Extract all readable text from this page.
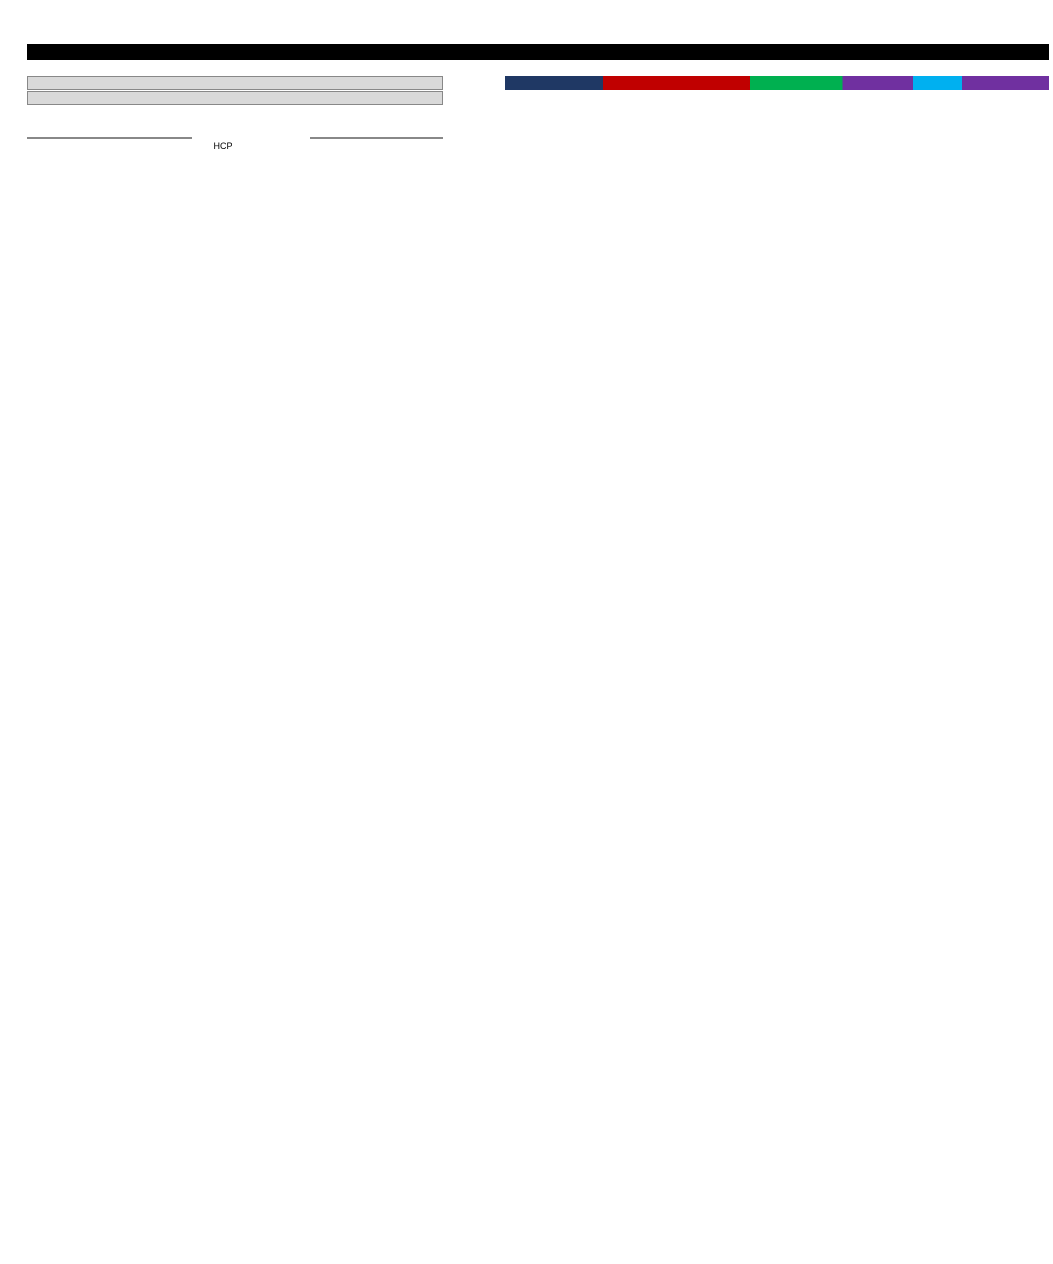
HCP
